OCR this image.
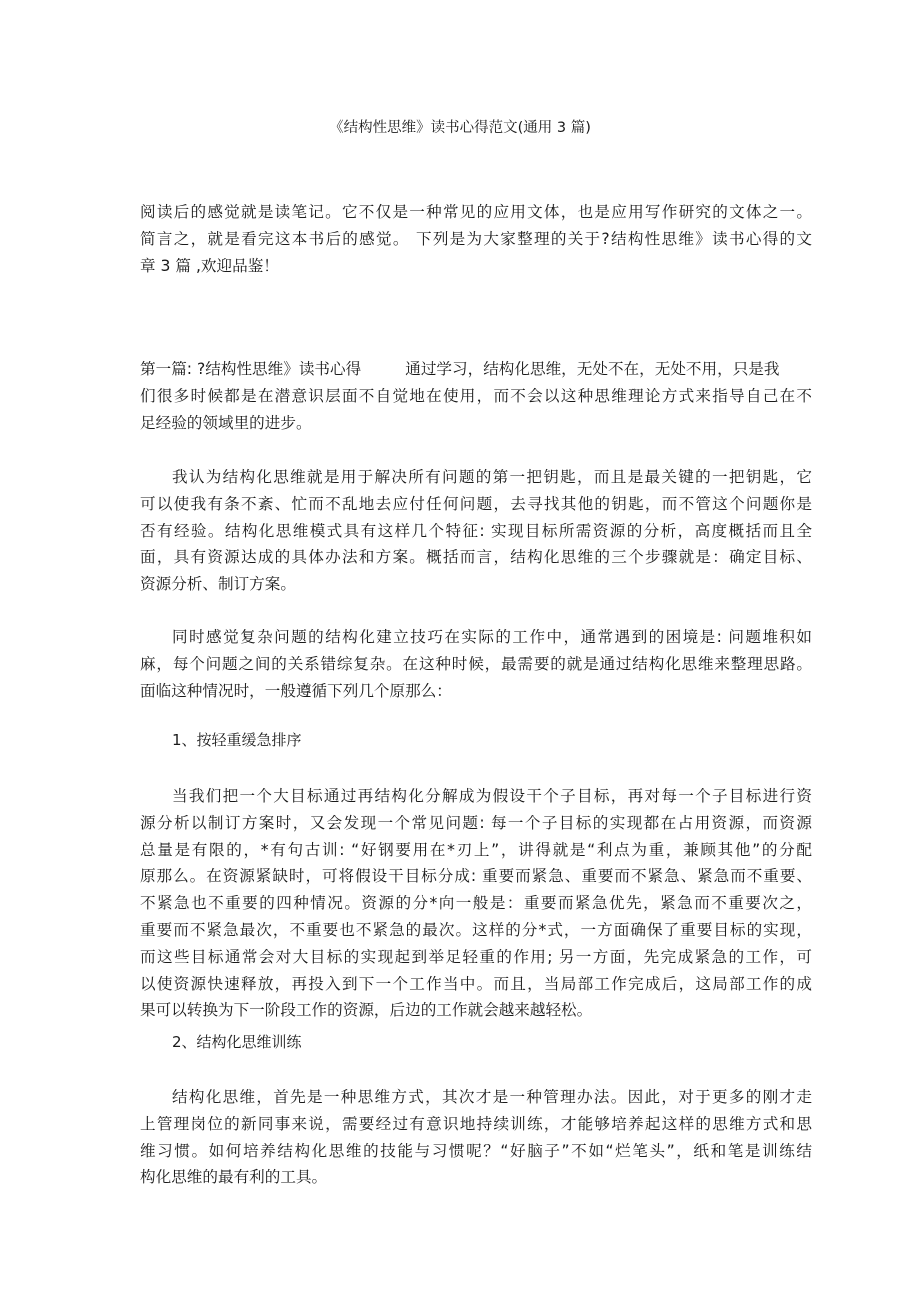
《结构性思维》读书心得范文(通用 3 篇)
阅读后的感觉就是读笔记。它不仅是一种常见的应用文体，也是应用写作研究的文体之一。
简言之，就是看完这本书后的感觉。 下列是为大家整理的关于?结构性思维》读书心得的文
章 3 篇 ,欢迎品鉴！
第一篇: ?结构性思维》读书心得	通过学习，结构化思维，无处不在，无处不用，只是我
们很多时候都是在潜意识层面不自觉地在使用，而不会以这种思维理论方式来指导自己在不
足经验的领域里的进步。
我认为结构化思维就是用于解决所有问题的第一把钥匙，而且是最关键的一把钥匙，它
可以使我有条不紊、忙而不乱地去应付任何问题，去寻找其他的钥匙，而不管这个问题你是
否有经验。结构化思维模式具有这样几个特征: 实现目标所需资源的分析，高度概括而且全
面，具有资源达成的具体办法和方案。概括而言，结构化思维的三个步骤就是：确定目标、
资源分析、制订方案。
同时感觉复杂问题的结构化建立技巧在实际的工作中，通常遇到的困境是: 问题堆积如
麻，每个问题之间的关系错综复杂。在这种时候，最需要的就是通过结构化思维来整理思路。
面临这种情况时，一般遵循下列几个原那么：
1、按轻重缓急排序
当我们把一个大目标通过再结构化分解成为假设干个子目标，再对每一个子目标进行资
源分析以制订方案时，又会发现一个常见问题: 每一个子目标的实现都在占用资源，而资源
总量是有限的，*有句古训: “好钢要用在*刃上”，讲得就是“利点为重，兼顾其他”的分配
原那么。在资源紧缺时，可将假设干目标分成: 重要而紧急、重要而不紧急、紧急而不重要、
不紧急也不重要的四种情况。资源的分*向一般是：重要而紧急优先，紧急而不重要次之，
重要而不紧急最次，不重要也不紧急的最次。这样的分*式，一方面确保了重要目标的实现，
而这些目标通常会对大目标的实现起到举足轻重的作用; 另一方面，先完成紧急的工作，可
以使资源快速释放，再投入到下一个工作当中。而且，当局部工作完成后，这局部工作的成
果可以转换为下一阶段工作的资源，后边的工作就会越来越轻松。
2、结构化思维训练
结构化思维，首先是一种思维方式，其次才是一种管理办法。因此，对于更多的刚才走
上管理岗位的新同事来说，需要经过有意识地持续训练，才能够培养起这样的思维方式和思
维习惯。如何培养结构化思维的技能与习惯呢？“好脑子”不如“烂笔头”，纸和笔是训练结
构化思维的最有利的工具。
